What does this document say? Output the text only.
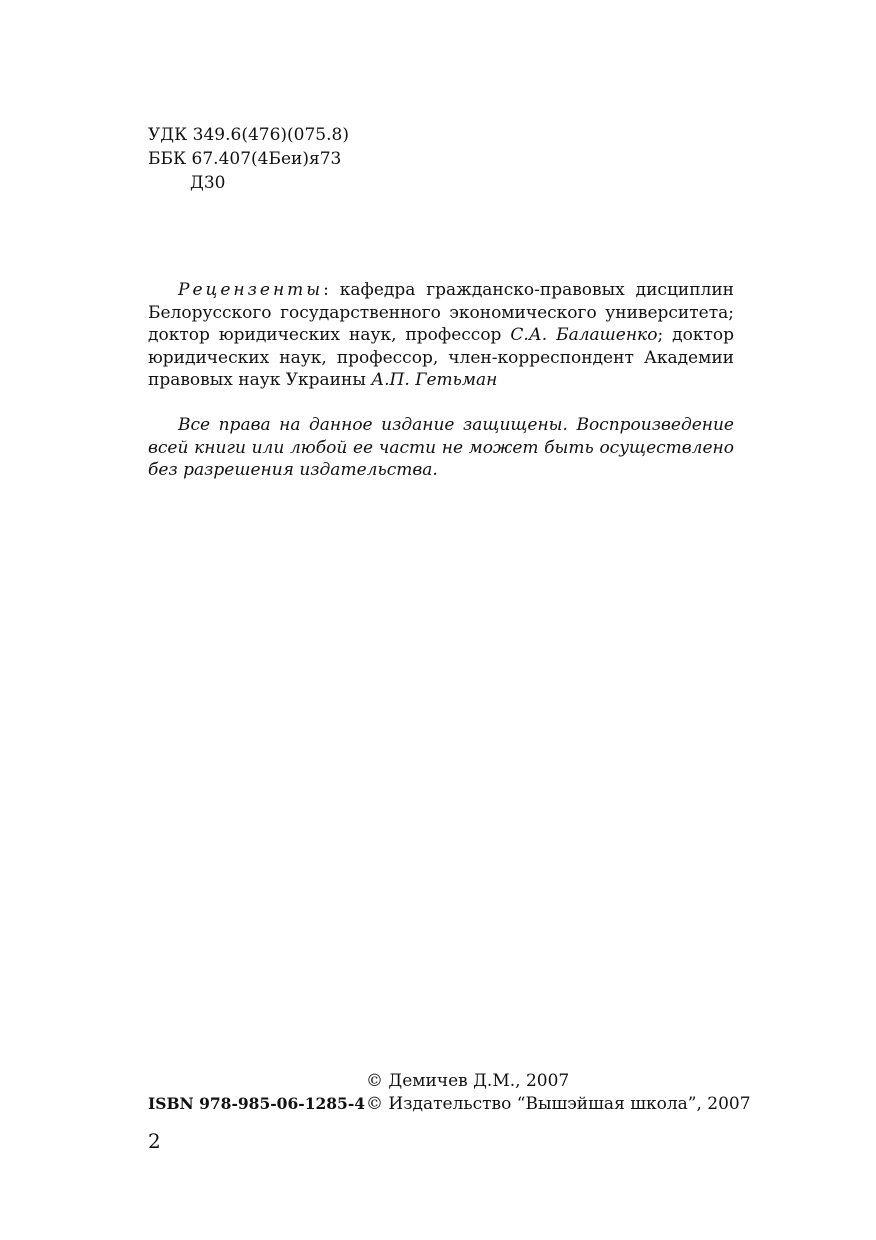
УДК 349.6(476)(075.8)
ББК 67.407(4Беи)я73
Д30

Рецензенты: кафедра гражданско-правовых дисциплин Белорусского государственного экономического университета; доктор юридических наук, профессор С.А. Балашенко; доктор юридических наук, профессор, член-корреспондент Академии правовых наук Украины А.П. Гетьман

Все права на данное издание защищены. Воспроизведение всей книги или любой ее части не может быть осуществлено без разрешения издательства.

ISBN 978-985-06-1285-4
© Демичев Д.М., 2007
© Издательство “Вышэйшая школа”, 2007
2
